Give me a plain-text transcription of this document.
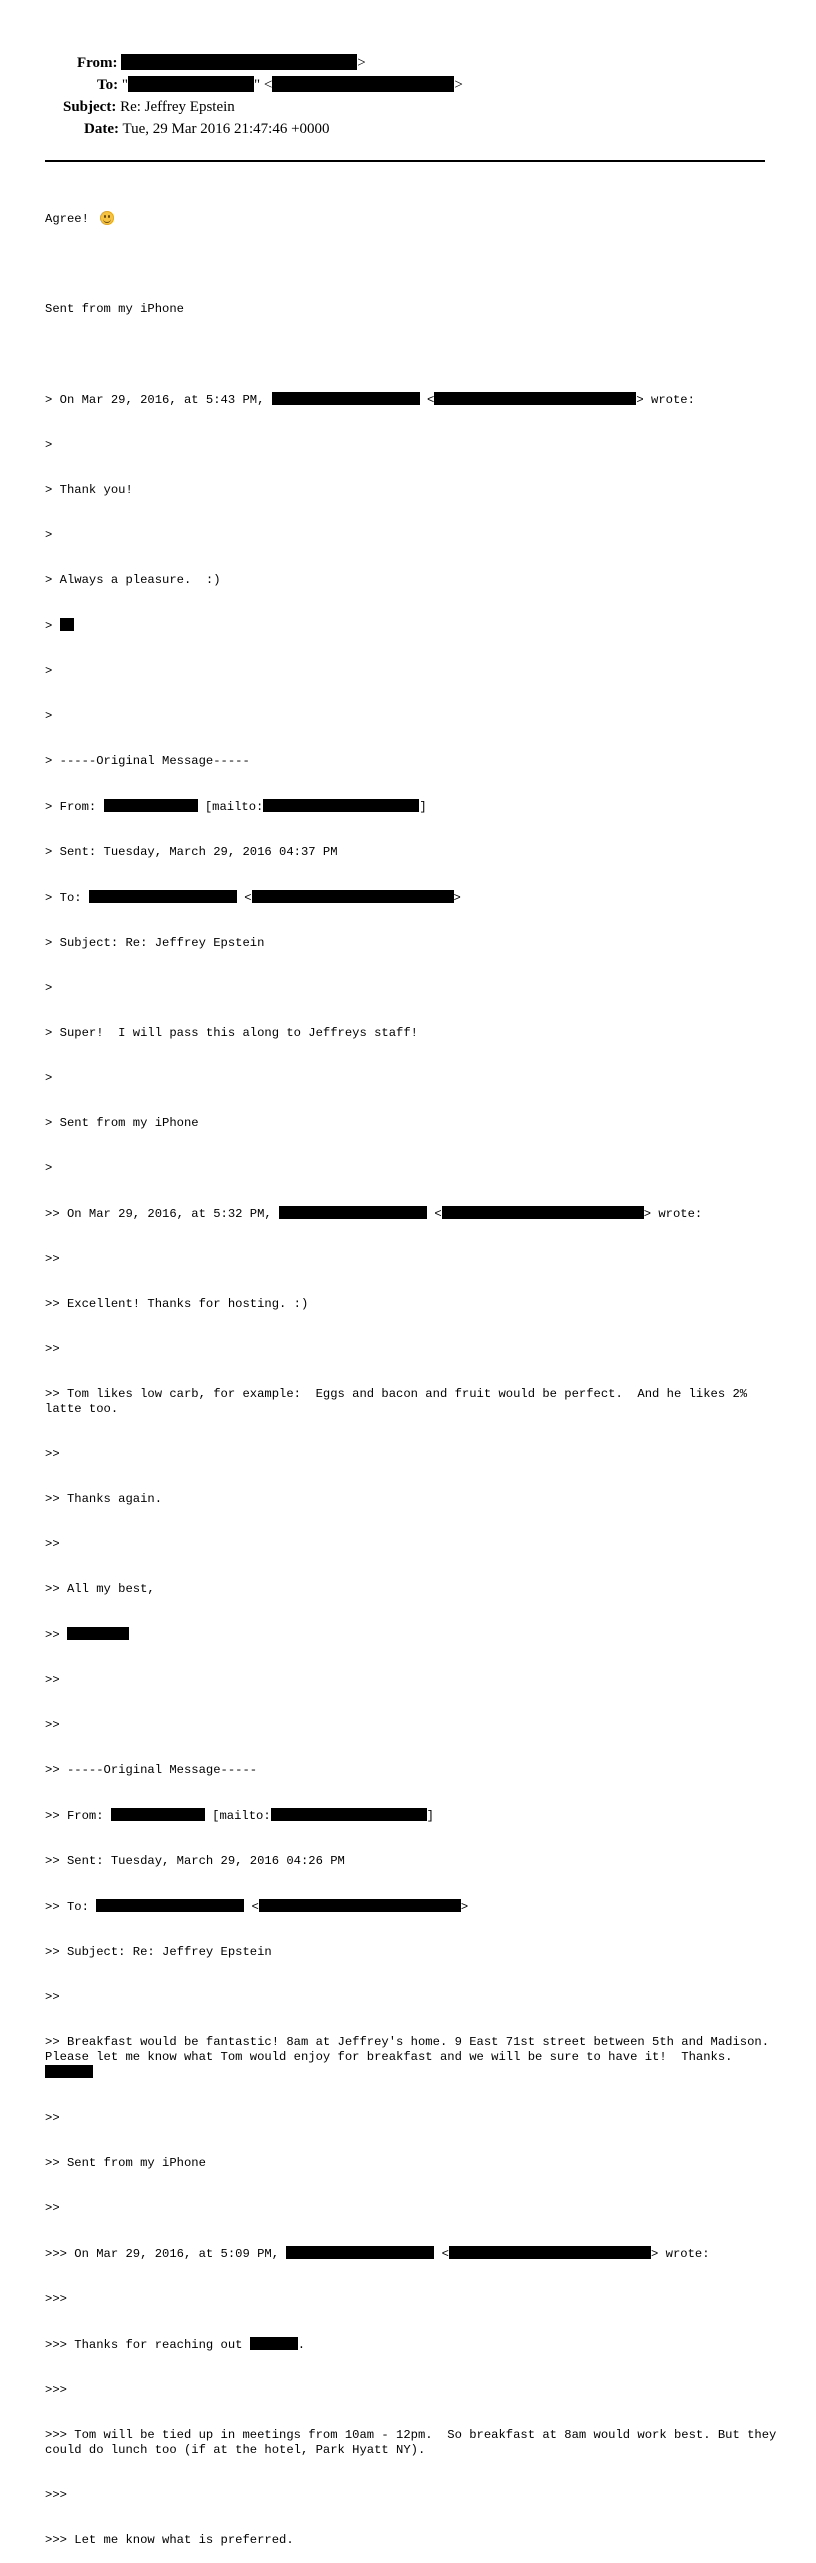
From:	>
To: "	" <	>
Subject: Re: Jeffrey Epstein
Date: Tue, 29 Mar 2016 21:47:46 +0000

Agree!

Sent from my iPhone

> On Mar 29, 2016, at 5:43 PM,	<	> wrote:

>

> Thank you!

>

> Always a pleasure.  :)

>

>

>

> -----Original Message-----

> From:	[mailto:	]

> Sent: Tuesday, March 29, 2016 04:37 PM

> To:	<	>

> Subject: Re: Jeffrey Epstein

>

> Super!  I will pass this along to Jeffreys staff!

>

> Sent from my iPhone

>

>> On Mar 29, 2016, at 5:32 PM,	<	> wrote:

>>

>> Excellent! Thanks for hosting. :)

>>

>> Tom likes low carb, for example:  Eggs and bacon and fruit would be perfect.  And he likes 2% latte too.

>>

>> Thanks again.

>>

>> All my best,

>>

>>

>>

>> -----Original Message-----

>> From:	[mailto:	]

>> Sent: Tuesday, March 29, 2016 04:26 PM

>> To:	<	>

>> Subject: Re: Jeffrey Epstein

>>

>> Breakfast would be fantastic! 8am at Jeffrey's home. 9 East 71st street between 5th and Madison. Please let me know what Tom would enjoy for breakfast and we will be sure to have it!  Thanks.

>>

>> Sent from my iPhone

>>

>>> On Mar 29, 2016, at 5:09 PM,	<	> wrote:

>>>

>>> Thanks for reaching out	.

>>>

>>> Tom will be tied up in meetings from 10am - 12pm.  So breakfast at 8am would work best. But they could do lunch too (if at the hotel, Park Hyatt NY).

>>>

>>> Let me know what is preferred.
